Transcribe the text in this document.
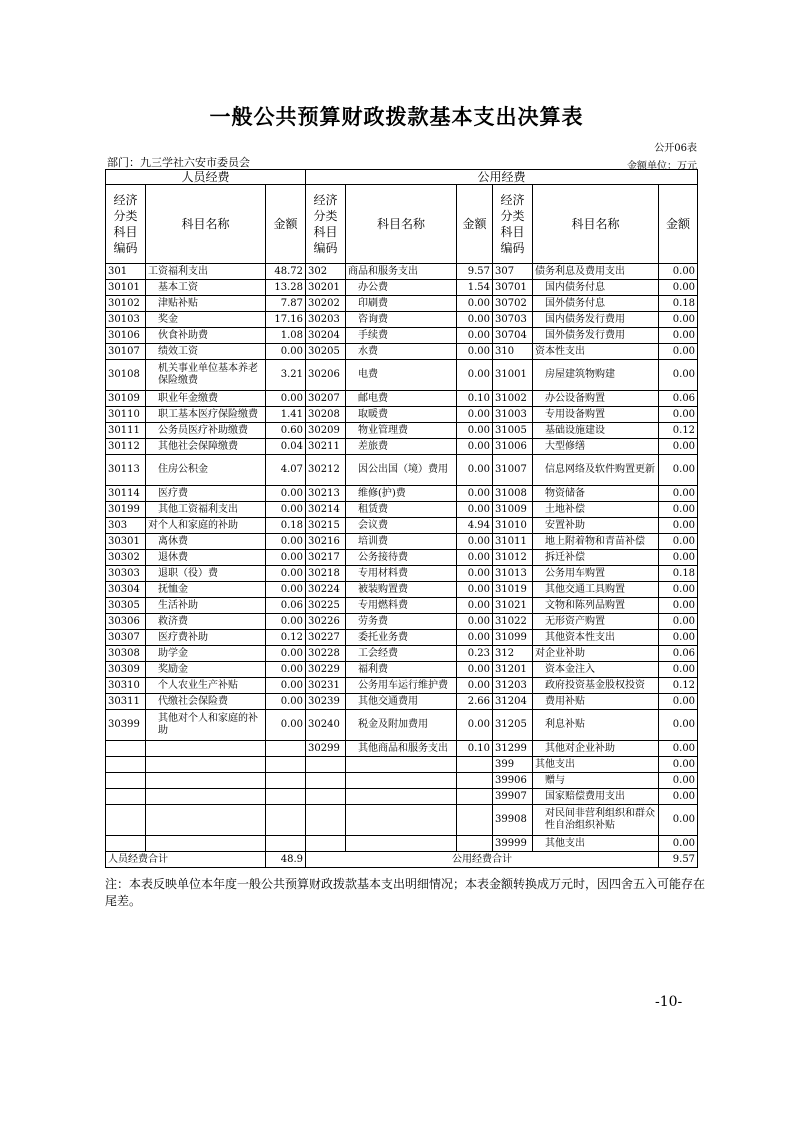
一般公共预算财政拨款基本支出决算表
公开06表
部门：九三学社六安市委员会	金额单位：万元
人员经费			公用经费					
经济分类科目编码	科目名称	金额	经济分类科目编码	科目名称	金额	经济分类科目编码	科目名称	金额
301	工资福利支出	48.72	302	商品和服务支出	9.57	307	债务利息及费用支出	0.00
30101	基本工资	13.28	30201	办公费	1.54	30701	国内债务付息	0.00
30102	津贴补贴	7.87	30202	印刷费	0.00	30702	国外债务付息	0.18
30103	奖金	17.16	30203	咨询费	0.00	30703	国内债务发行费用	0.00
30106	伙食补助费	1.08	30204	手续费	0.00	30704	国外债务发行费用	0.00
30107	绩效工资	0.00	30205	水费	0.00	310	资本性支出	0.00
30108	机关事业单位基本养老保险缴费	3.21	30206	电费	0.00	31001	房屋建筑物购建	0.00
30109	职业年金缴费	0.00	30207	邮电费	0.10	31002	办公设备购置	0.06
30110	职工基本医疗保险缴费	1.41	30208	取暖费	0.00	31003	专用设备购置	0.00
30111	公务员医疗补助缴费	0.60	30209	物业管理费	0.00	31005	基础设施建设	0.12
30112	其他社会保障缴费	0.04	30211	差旅费	0.00	31006	大型修缮	0.00
30113	住房公积金	4.07	30212	因公出国（境）费用	0.00	31007	信息网络及软件购置更新	0.00
30114	医疗费	0.00	30213	维修(护)费	0.00	31008	物资储备	0.00
30199	其他工资福利支出	0.00	30214	租赁费	0.00	31009	土地补偿	0.00
303	对个人和家庭的补助	0.18	30215	会议费	4.94	31010	安置补助	0.00
30301	离休费	0.00	30216	培训费	0.00	31011	地上附着物和青苗补偿	0.00
30302	退休费	0.00	30217	公务接待费	0.00	31012	拆迁补偿	0.00
30303	退职（役）费	0.00	30218	专用材料费	0.00	31013	公务用车购置	0.18
30304	抚恤金	0.00	30224	被装购置费	0.00	31019	其他交通工具购置	0.00
30305	生活补助	0.06	30225	专用燃料费	0.00	31021	文物和陈列品购置	0.00
30306	救济费	0.00	30226	劳务费	0.00	31022	无形资产购置	0.00
30307	医疗费补助	0.12	30227	委托业务费	0.00	31099	其他资本性支出	0.00
30308	助学金	0.00	30228	工会经费	0.23	312	对企业补助	0.06
30309	奖励金	0.00	30229	福利费	0.00	31201	资本金注入	0.00
30310	个人农业生产补贴	0.00	30231	公务用车运行维护费	0.00	31203	政府投资基金股权投资	0.12
30311	代缴社会保险费	0.00	30239	其他交通费用	2.66	31204	费用补贴	0.00
30399	其他对个人和家庭的补助	0.00	30240	税金及附加费用	0.00	31205	利息补贴	0.00
			30299	其他商品和服务支出	0.10	31299	其他对企业补助	0.00
						399	其他支出	0.00
						39906	赠与	0.00
						39907	国家赔偿费用支出	0.00
						39908	对民间非营利组织和群众性自治组织补贴	0.00
						39999	其他支出	0.00
人员经费合计		48.9	公用经费合计					9.57
注：本表反映单位本年度一般公共预算财政拨款基本支出明细情况；本表金额转换成万元时，因四舍五入可能存在尾差。
-10-
